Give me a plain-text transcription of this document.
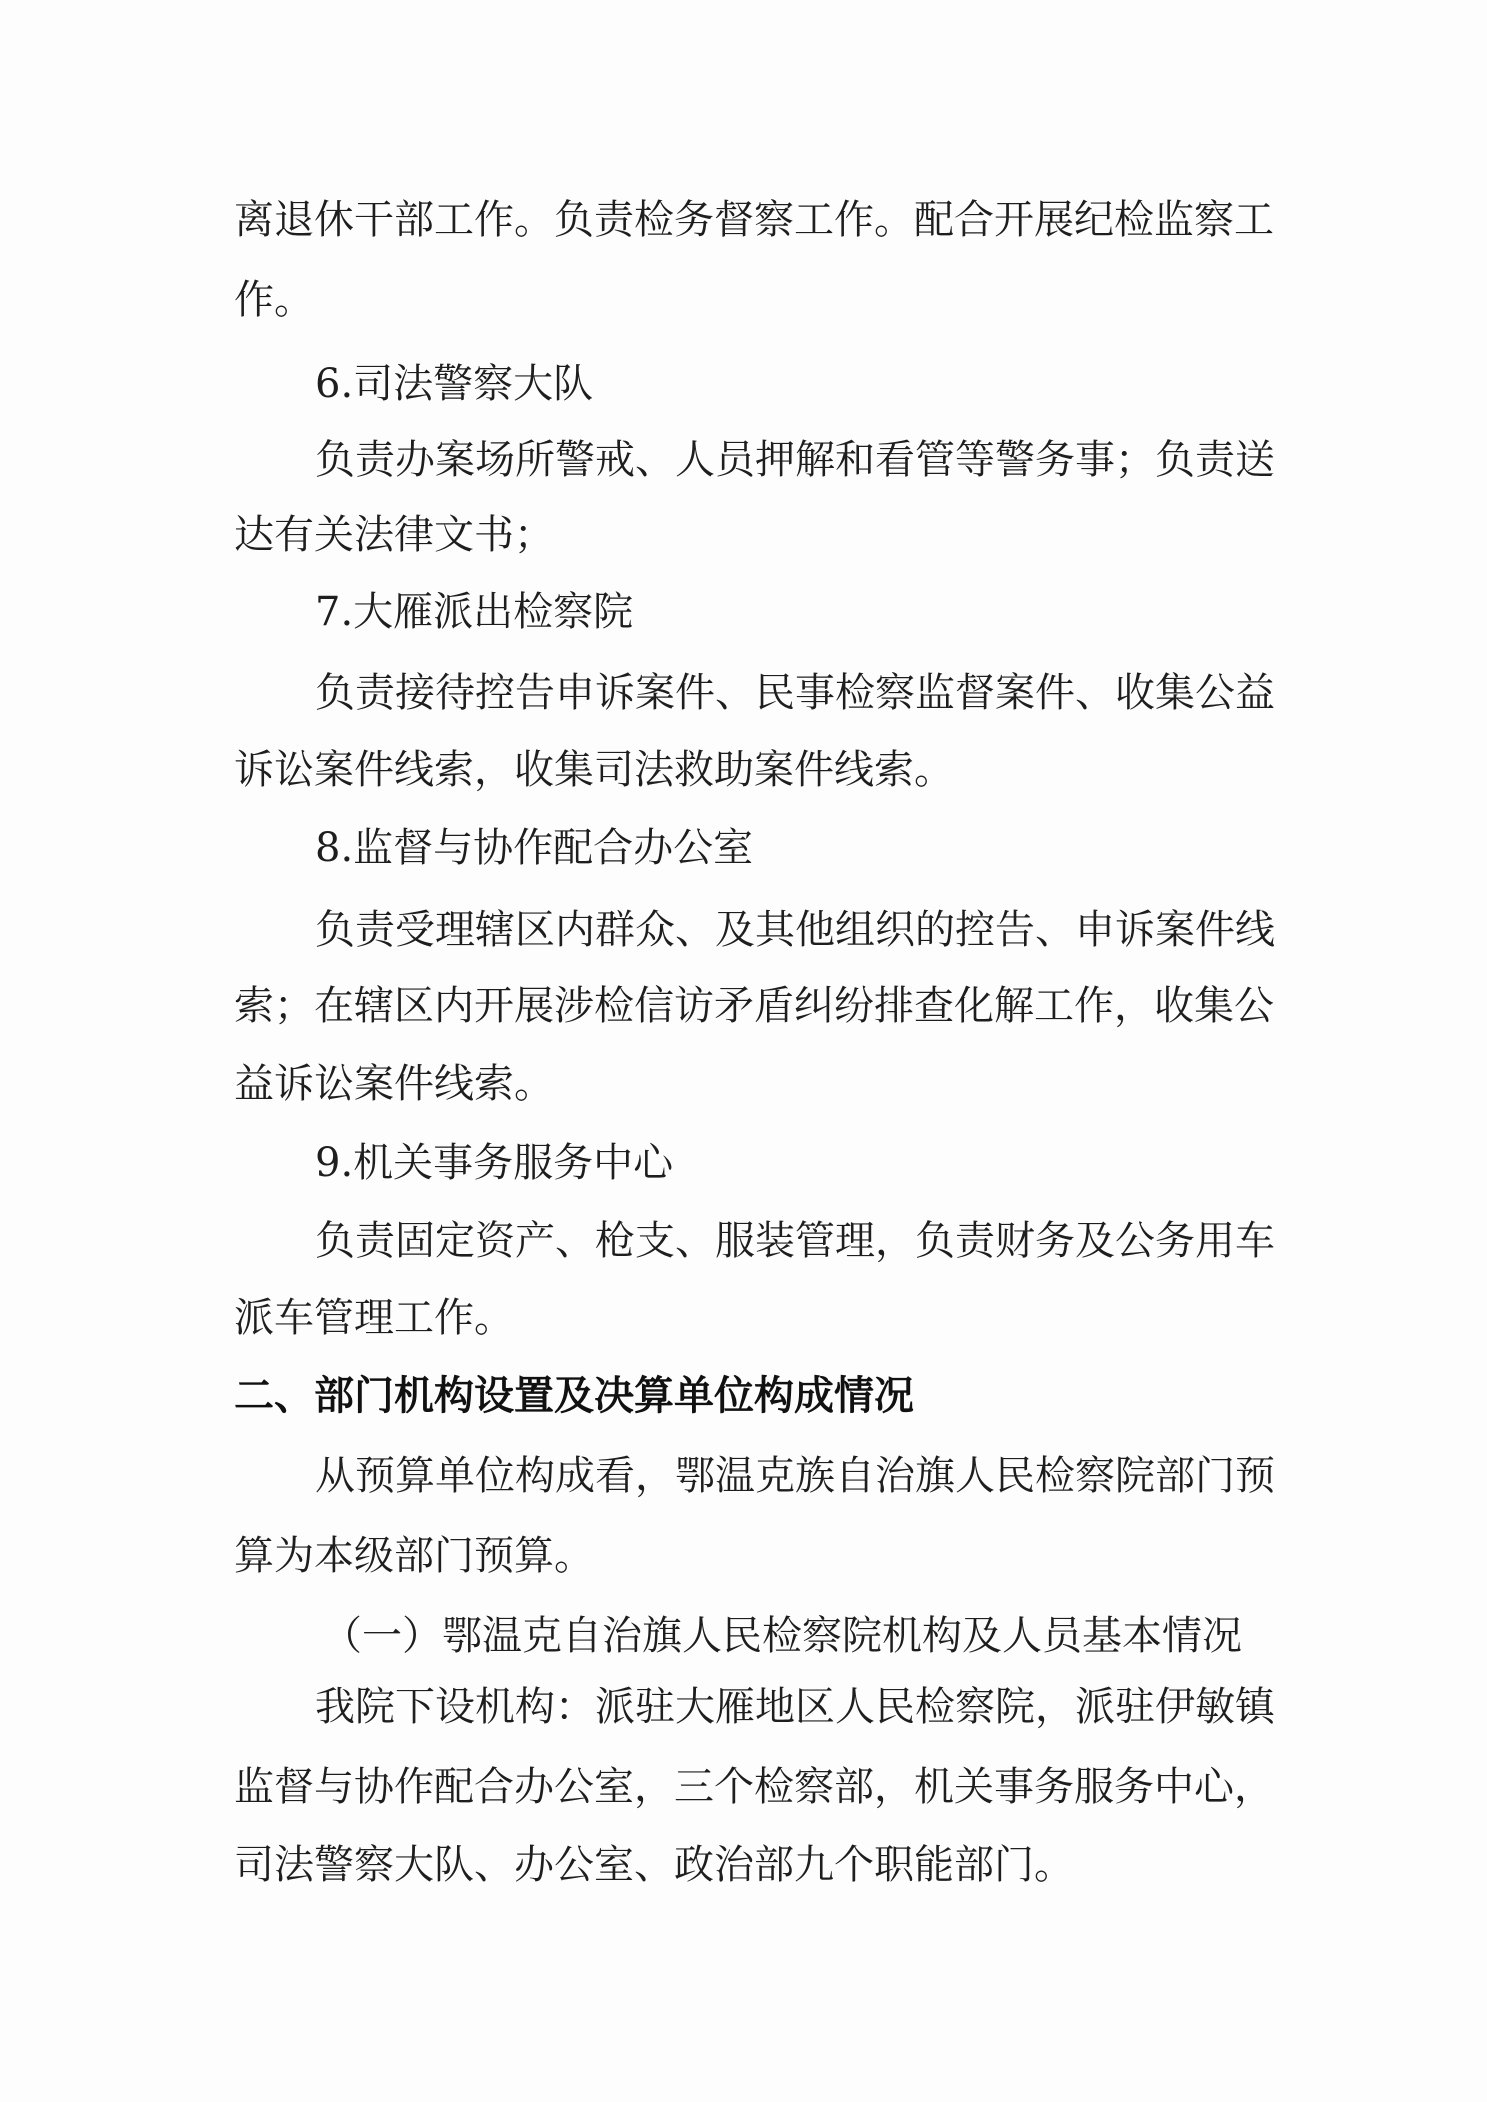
离退休干部工作。负责检务督察工作。配合开展纪检监察工
作。
6.司法警察大队
负责办案场所警戒、人员押解和看管等警务事；负责送
达有关法律文书；
7.大雁派出检察院
负责接待控告申诉案件、民事检察监督案件、收集公益
诉讼案件线索，收集司法救助案件线索。
8.监督与协作配合办公室
负责受理辖区内群众、及其他组织的控告、申诉案件线
索；在辖区内开展涉检信访矛盾纠纷排查化解工作，收集公
益诉讼案件线索。
9.机关事务服务中心
负责固定资产、枪支、服装管理，负责财务及公务用车
派车管理工作。
二、部门机构设置及决算单位构成情况
从预算单位构成看，鄂温克族自治旗人民检察院部门预
算为本级部门预算。
（一）鄂温克自治旗人民检察院机构及人员基本情况
我院下设机构：派驻大雁地区人民检察院，派驻伊敏镇
监督与协作配合办公室，三个检察部，机关事务服务中心，
司法警察大队、办公室、政治部九个职能部门。
